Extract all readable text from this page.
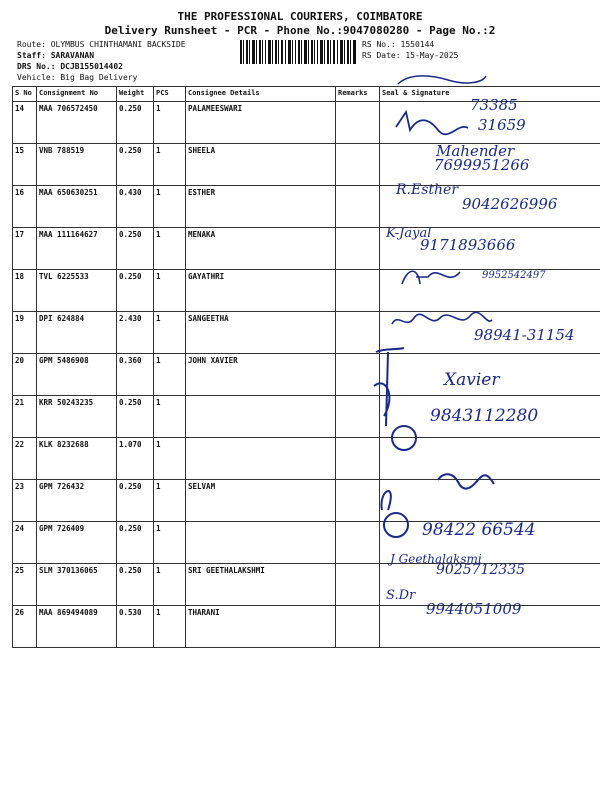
THE PROFESSIONAL COURIERS, COIMBATORE
Delivery Runsheet - PCR - Phone No.:9047080280 - Page No.:2
Route: OLYMBUS CHINTHAMANI BACKSIDE
Staff: SARAVANAN
DRS No.: DCJB155014402
Vehicle: Big Bag Delivery
RS No.: 1550144
RS Date: 15-May-2025
S No	Consignment No	Weight	PCS	Consignee Details	Remarks	Seal & Signature
14	MAA 706572450	0.250	1	PALAMEESWARI		
15	VNB 788519	0.250	1	SHEELA		
16	MAA 650630251	0.430	1	ESTHER		
17	MAA 111164627	0.250	1	MENAKA		
18	TVL 6225533	0.250	1	GAYATHRI		
19	DPI 624884	2.430	1	SANGEETHA		
20	GPM 5486908	0.360	1	JOHN XAVIER		
21	KRR 50243235	0.250	1			
22	KLK 8232688	1.070	1			
23	GPM 726432	0.250	1	SELVAM		
24	GPM 726409	0.250	1			
25	SLM 370136065	0.250	1	SRI GEETHALAKSHMI		
26	MAA 869494089	0.530	1	THARANI		
73385
31659
Mahender
7699951266
R.Esther
9042626996
K-Jayal
9171893666
9952542497
98941-31154
Xavier
9843112280
98422 66544
J Geethalaksmi
9025712335
S.Dr
9944051009
